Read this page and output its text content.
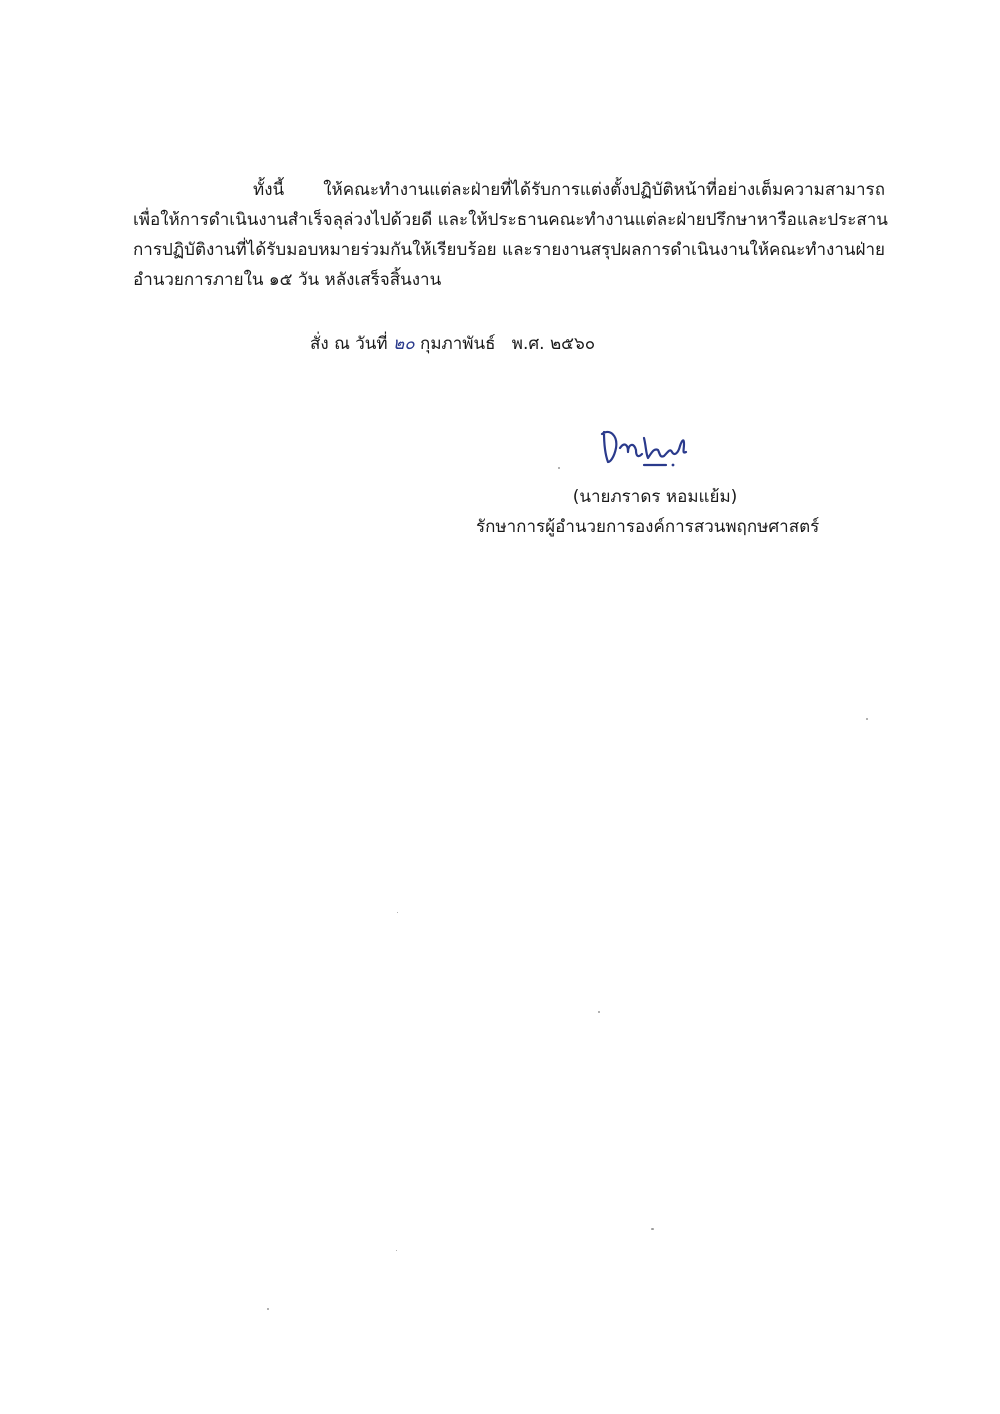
ทั้งนี้ ให้คณะทำงานแต่ละฝ่ายที่ได้รับการแต่งตั้งปฏิบัติหน้าที่อย่างเต็มความสามารถ
เพื่อให้การดำเนินงานสำเร็จลุล่วงไปด้วยดี และให้ประธานคณะทำงานแต่ละฝ่ายปรึกษาหารือและประสาน
การปฏิบัติงานที่ได้รับมอบหมายร่วมกันให้เรียบร้อย และรายงานสรุปผลการดำเนินงานให้คณะทำงานฝ่าย
อำนวยการภายใน ๑๕ วัน หลังเสร็จสิ้นงาน
สั่ง ณ วันที่ ๒๐ กุมภาพันธ์ พ.ศ. ๒๕๖๐
(นายภราดร หอมแย้ม)
รักษาการผู้อำนวยการองค์การสวนพฤกษศาสตร์
